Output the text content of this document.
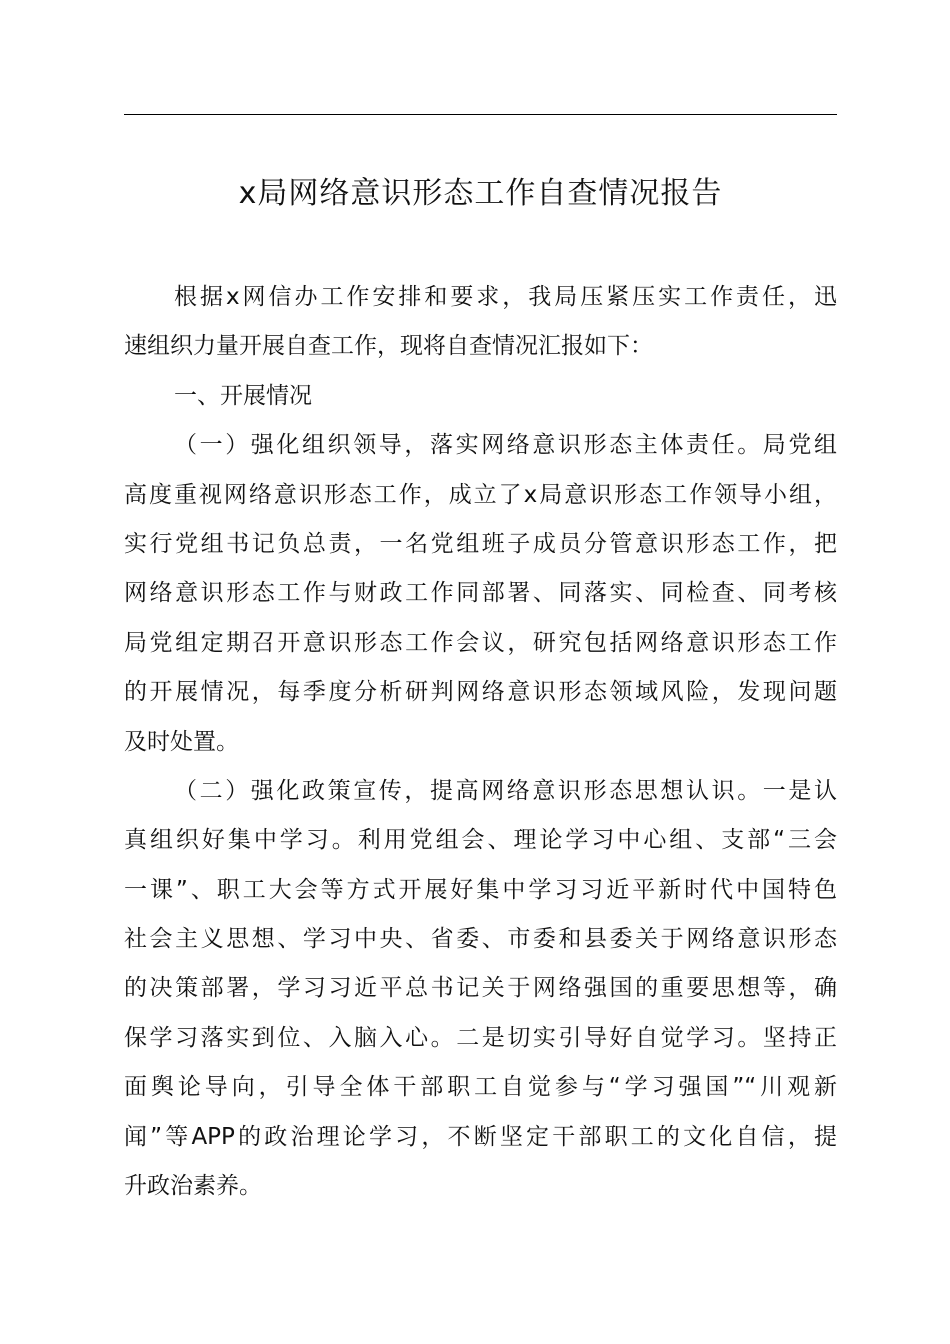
x局网络意识形态工作自查情况报告
根据x网信办工作安排和要求，我局压紧压实工作责任，迅
速组织力量开展自查工作，现将自查情况汇报如下：
一、开展情况
（一）强化组织领导，落实网络意识形态主体责任。局党组
高度重视网络意识形态工作，成立了x局意识形态工作领导小组，
实行党组书记负总责，一名党组班子成员分管意识形态工作，把
网络意识形态工作与财政工作同部署、同落实、同检查、同考核
局党组定期召开意识形态工作会议，研究包括网络意识形态工作
的开展情况，每季度分析研判网络意识形态领域风险，发现问题
及时处置。
（二）强化政策宣传，提高网络意识形态思想认识。一是认
真组织好集中学习。利用党组会、理论学习中心组、支部“三会
一课”、职工大会等方式开展好集中学习习近平新时代中国特色
社会主义思想、学习中央、省委、市委和县委关于网络意识形态
的决策部署，学习习近平总书记关于网络强国的重要思想等，确
保学习落实到位、入脑入心。二是切实引导好自觉学习。坚持正
面舆论导向，引导全体干部职工自觉参与“学习强国”“川观新
闻”等APP的政治理论学习，不断坚定干部职工的文化自信，提
升政治素养。
